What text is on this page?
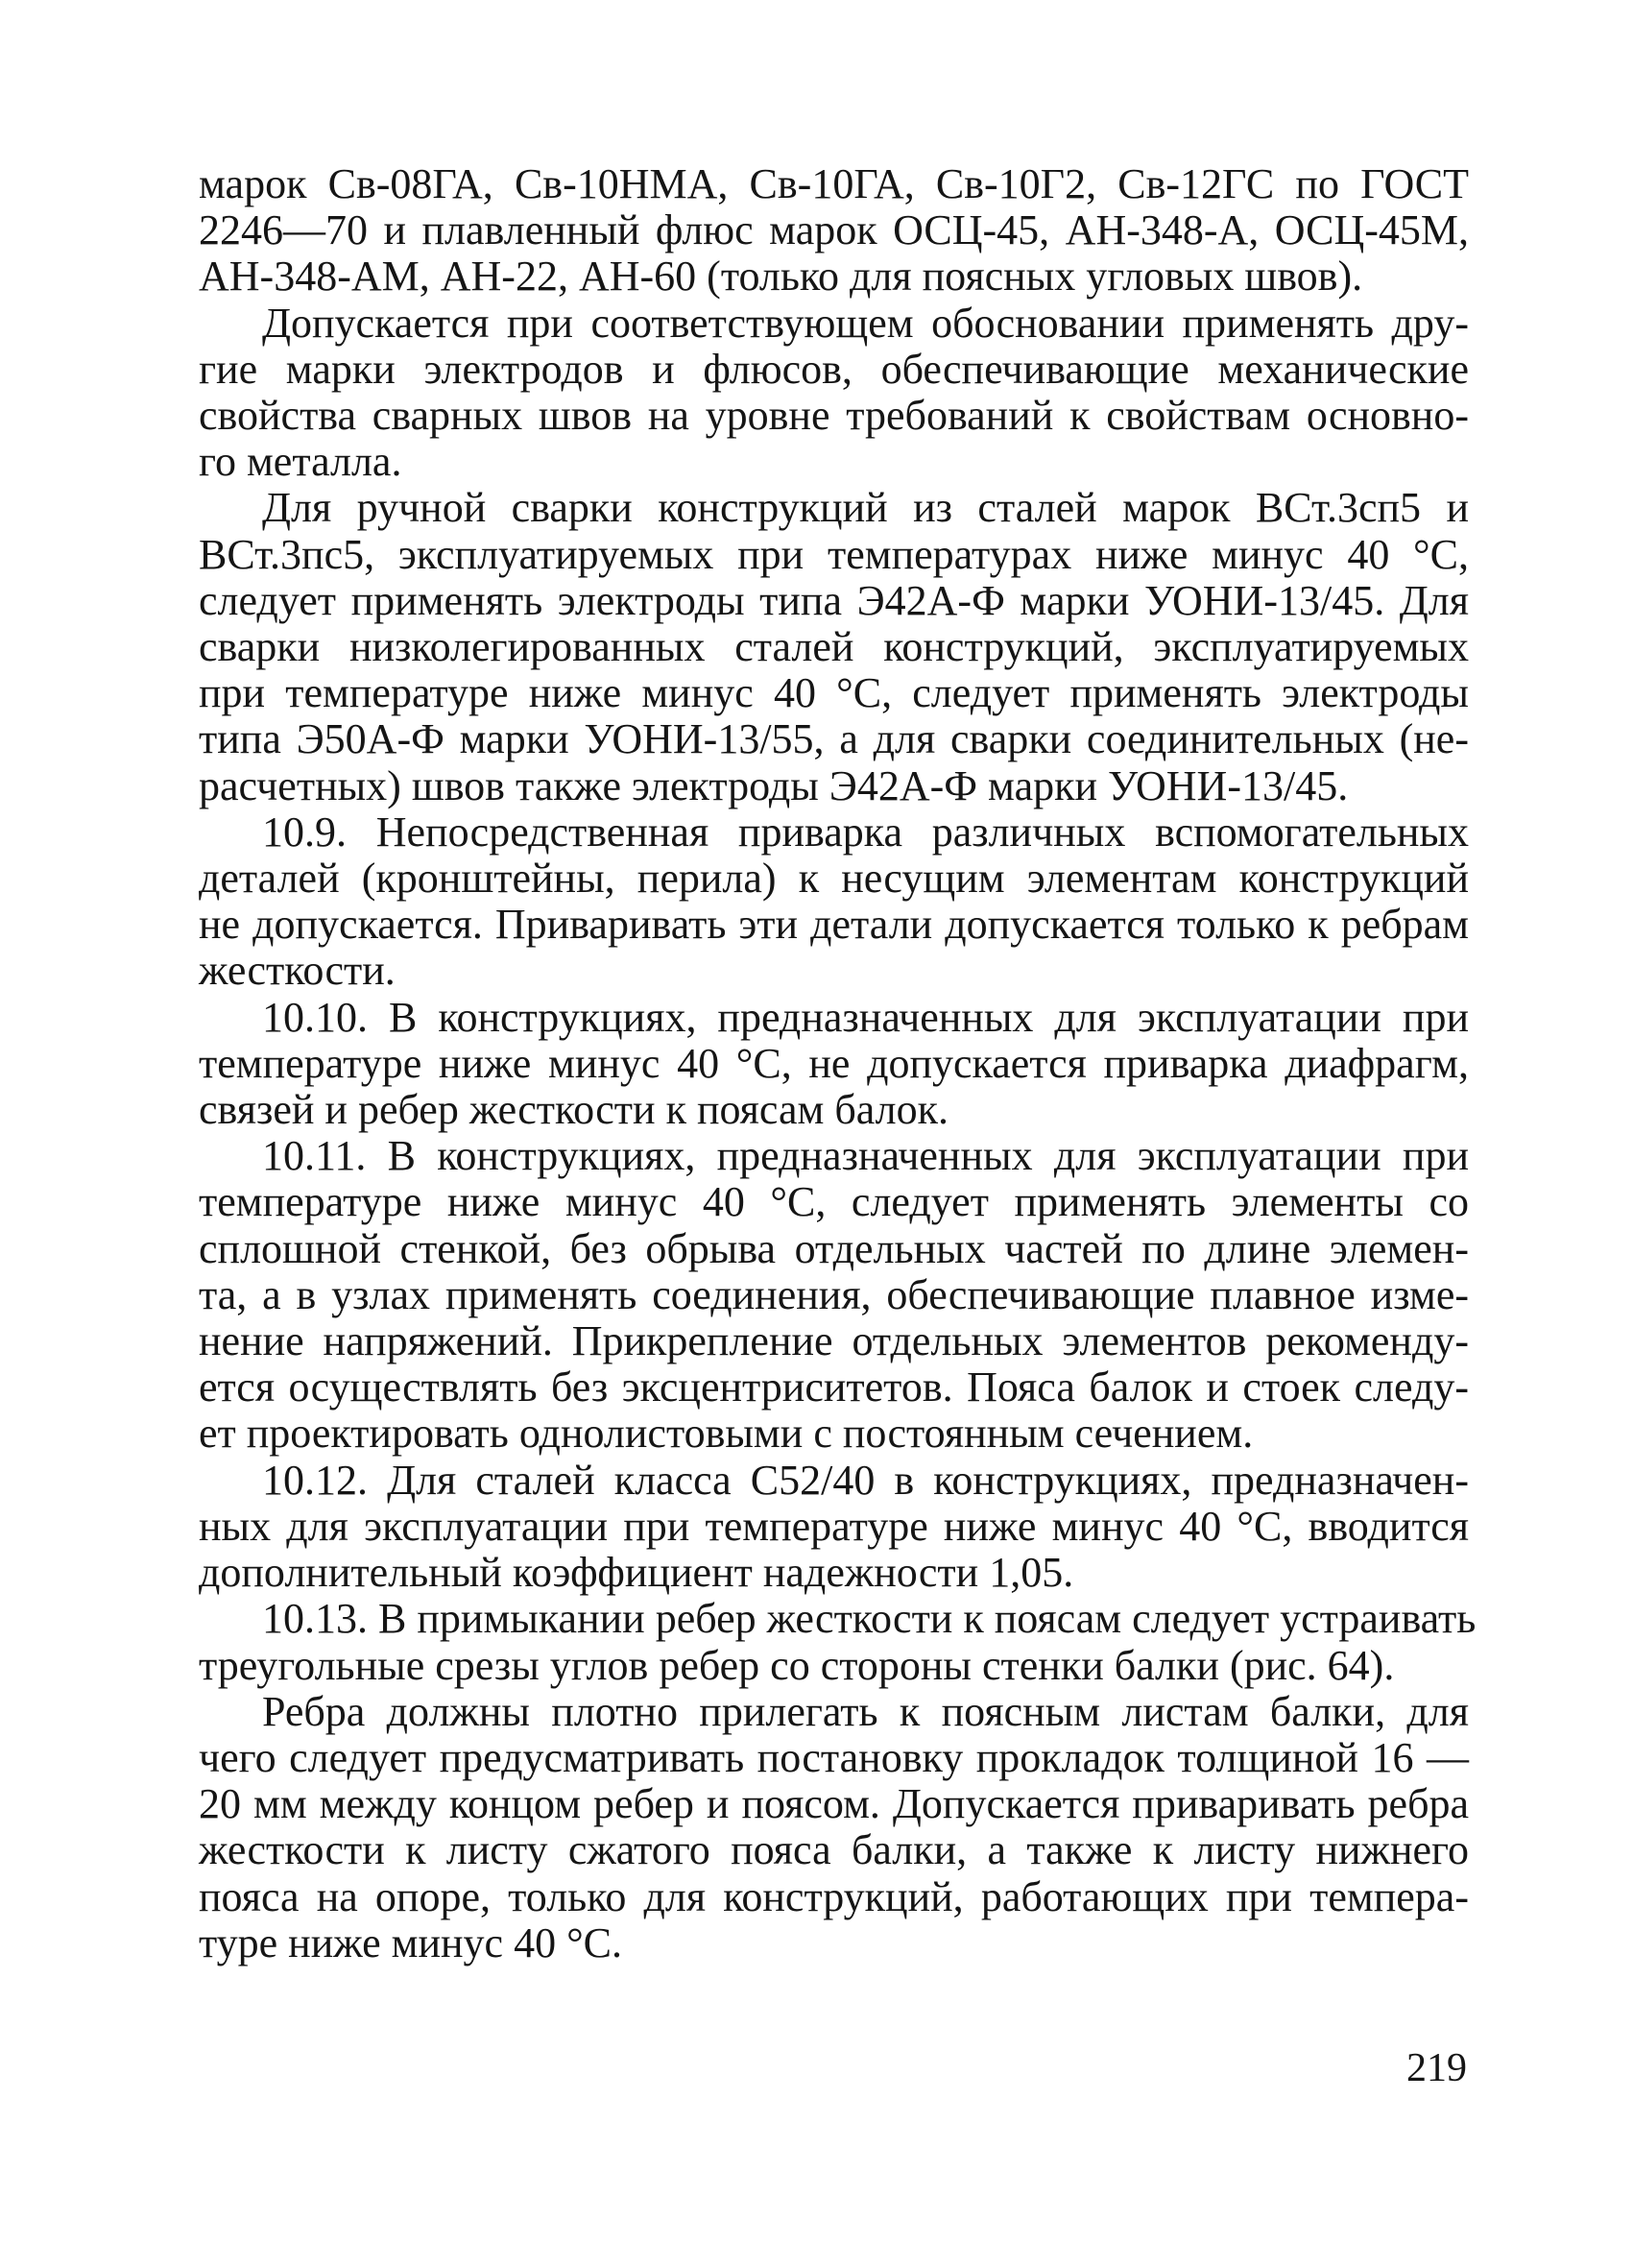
марок Св-08ГА, Св-10НМА, Св-10ГА, Св-10Г2, Св-12ГС по ГОСТ
2246—70 и плавленный флюс марок ОСЦ-45, АН-348-А, ОСЦ-45М,
АН-348-АМ, АН-22, АН-60 (только для поясных угловых швов).
Допускается при соответствующем обосновании применять дру-
гие марки электродов и флюсов, обеспечивающие механические
свойства сварных швов на уровне требований к свойствам основно-
го металла.
Для ручной сварки конструкций из сталей марок ВСт.3сп5 и
ВСт.3пс5, эксплуатируемых при температурах ниже минус 40 °С,
следует применять электроды типа Э42А-Ф марки УОНИ-13/45. Для
сварки низколегированных сталей конструкций, эксплуатируемых
при температуре ниже минус 40 °С, следует применять электроды
типа Э50А-Ф марки УОНИ-13/55, а для сварки соединительных (не-
расчетных) швов также электроды Э42А-Ф марки УОНИ-13/45.
10.9. Непосредственная приварка различных вспомогательных
деталей (кронштейны, перила) к несущим элементам конструкций
не допускается. Приваривать эти детали допускается только к ребрам
жесткости.
10.10. В конструкциях, предназначенных для эксплуатации при
температуре ниже минус 40 °С, не допускается приварка диафрагм,
связей и ребер жесткости к поясам балок.
10.11. В конструкциях, предназначенных для эксплуатации при
температуре ниже минус 40 °С, следует применять элементы со
сплошной стенкой, без обрыва отдельных частей по длине элемен-
та, а в узлах применять соединения, обеспечивающие плавное изме-
нение напряжений. Прикрепление отдельных элементов рекоменду-
ется осуществлять без эксцентриситетов. Пояса балок и стоек следу-
ет проектировать однолистовыми с постоянным сечением.
10.12. Для сталей класса С52/40 в конструкциях, предназначен-
ных для эксплуатации при температуре ниже минус 40 °С, вводится
дополнительный коэффициент надежности 1,05.
10.13. В примыкании ребер жесткости к поясам следует устраивать
треугольные срезы углов ребер со стороны стенки балки (рис. 64).
Ребра должны плотно прилегать к поясным листам балки, для
чего следует предусматривать постановку прокладок толщиной 16 —
20 мм между концом ребер и поясом. Допускается приваривать ребра
жесткости к листу сжатого пояса балки, а также к листу нижнего
пояса на опоре, только для конструкций, работающих при темпера-
туре ниже минус 40 °С.
219
